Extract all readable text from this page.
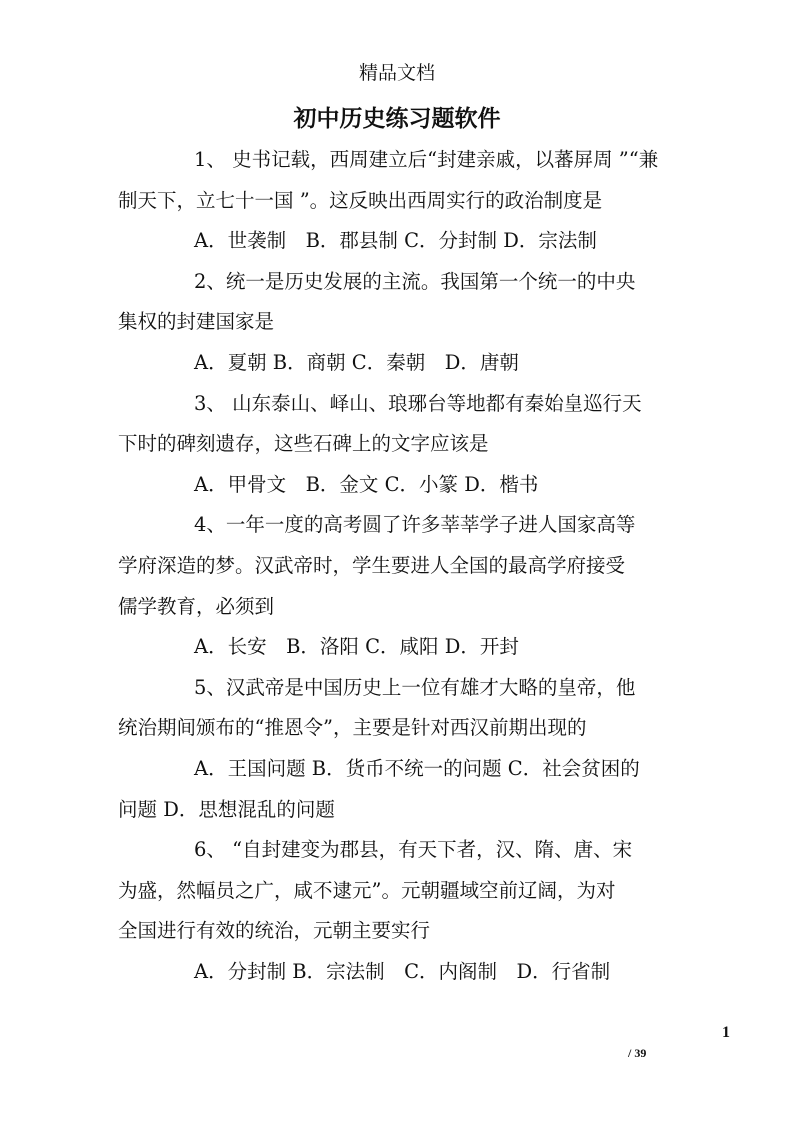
精品文档
初中历史练习题软件
1、 史书记载，西周建立后“封建亲戚，以蕃屏周 ”“兼
制天下，立七十一国 ”。这反映出西周实行的政治制度是
A．世袭制　B．郡县制 C．分封制 D．宗法制
2、统一是历史发展的主流。我国第一个统一的中央
集权的封建国家是
A．夏朝 B．商朝 C．秦朝　D．唐朝
3、 山东泰山、峄山、琅琊台等地都有秦始皇巡行天
下时的碑刻遗存，这些石碑上的文字应该是
A．甲骨文　B．金文 C．小篆 D．楷书
4、一年一度的高考圆了许多莘莘学子进人国家高等
学府深造的梦。汉武帝时，学生要进人全国的最高学府接受
儒学教育，必须到
A．长安　B．洛阳 C．咸阳 D．开封
5、汉武帝是中国历史上一位有雄才大略的皇帝，他
统治期间颁布的“推恩令”，主要是针对西汉前期出现的
A．王国问题 B．货币不统一的问题 C．社会贫困的
问题 D．思想混乱的问题
6、 “自封建变为郡县，有天下者，汉、隋、唐、宋
为盛，然幅员之广，咸不逮元”。元朝疆域空前辽阔，为对
全国进行有效的统治，元朝主要实行
A．分封制 B．宗法制　C．内阁制　D．行省制
1
/ 39
